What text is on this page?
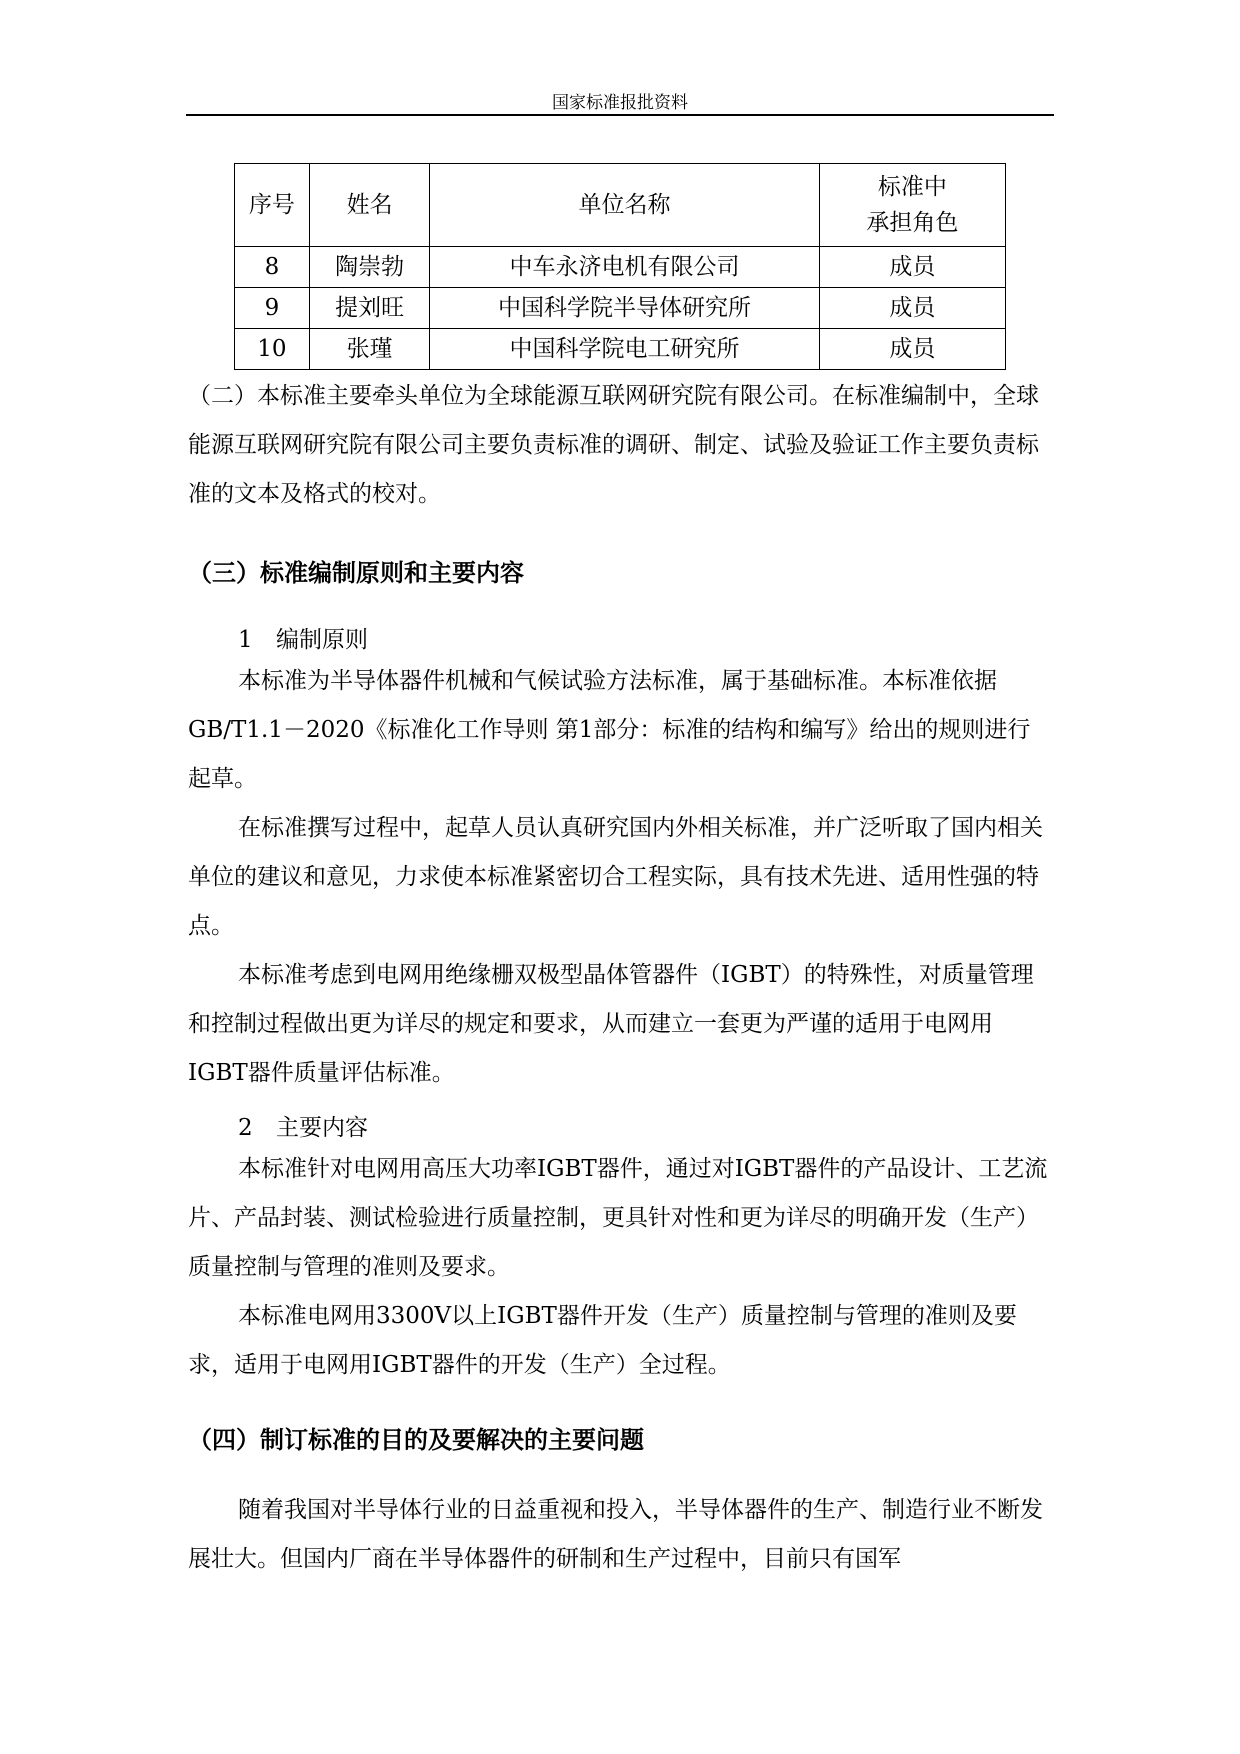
国家标准报批资料
序号	姓名	单位名称	标准中
承担角色

8	陶崇勃	中车永济电机有限公司	成员
9	提刘旺	中国科学院半导体研究所	成员
10	张瑾	中国科学院电工研究所	成员

（二）本标准主要牵头单位为全球能源互联网研究院有限公司。在标准编制中，全球能源互联网研究院有限公司主要负责标准的调研、制定、试验及验证工作主要负责标准的文本及格式的校对。

（三）标准编制原则和主要内容

1 编制原则

本标准为半导体器件机械和气候试验方法标准，属于基础标准。本标准依据GB/T1.1－2020《标准化工作导则 第1部分：标准的结构和编写》给出的规则进行起草。

在标准撰写过程中，起草人员认真研究国内外相关标准，并广泛听取了国内相关单位的建议和意见，力求使本标准紧密切合工程实际，具有技术先进、适用性强的特点。

本标准考虑到电网用绝缘栅双极型晶体管器件（IGBT）的特殊性，对质量管理和控制过程做出更为详尽的规定和要求，从而建立一套更为严谨的适用于电网用IGBT器件质量评估标准。

2 主要内容

本标准针对电网用高压大功率IGBT器件，通过对IGBT器件的产品设计、工艺流片、产品封装、测试检验进行质量控制，更具针对性和更为详尽的明确开发（生产）质量控制与管理的准则及要求。

本标准电网用3300V以上IGBT器件开发（生产）质量控制与管理的准则及要求，适用于电网用IGBT器件的开发（生产）全过程。

（四）制订标准的目的及要解决的主要问题

随着我国对半导体行业的日益重视和投入，半导体器件的生产、制造行业不断发展壮大。但国内厂商在半导体器件的研制和生产过程中，目前只有国军
